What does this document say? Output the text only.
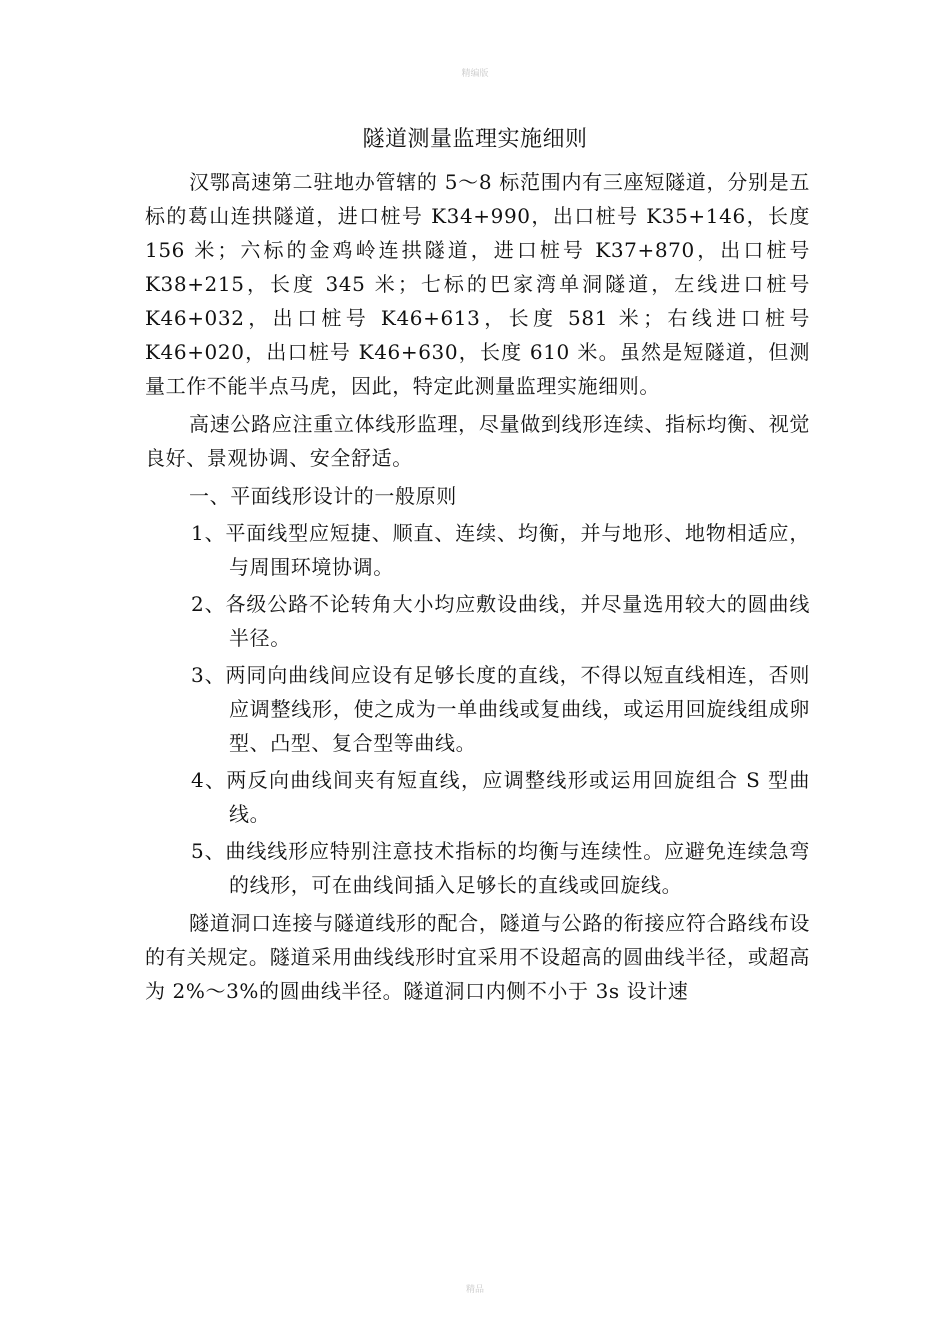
精编版
隧道测量监理实施细则

汉鄂高速第二驻地办管辖的 5～8 标范围内有三座短隧道，分别是五标的葛山连拱隧道，进口桩号 K34+990，出口桩号 K35+146，长度 156 米；六标的金鸡岭连拱隧道，进口桩号 K37+870，出口桩号 K38+215，长度 345 米；七标的巴家湾单洞隧道，左线进口桩号 K46+032，出口桩号 K46+613，长度 581 米；右线进口桩号 K46+020，出口桩号 K46+630，长度 610 米。虽然是短隧道，但测量工作不能半点马虎，因此，特定此测量监理实施细则。

高速公路应注重立体线形监理，尽量做到线形连续、指标均衡、视觉良好、景观协调、安全舒适。

一、平面线形设计的一般原则

1、平面线型应短捷、顺直、连续、均衡，并与地形、地物相适应，与周围环境协调。

2、各级公路不论转角大小均应敷设曲线，并尽量选用较大的圆曲线半径。

3、两同向曲线间应设有足够长度的直线，不得以短直线相连，否则应调整线形，使之成为一单曲线或复曲线，或运用回旋线组成卵型、凸型、复合型等曲线。

4、两反向曲线间夹有短直线，应调整线形或运用回旋组合 S 型曲线。

5、曲线线形应特别注意技术指标的均衡与连续性。应避免连续急弯的线形，可在曲线间插入足够长的直线或回旋线。

隧道洞口连接与隧道线形的配合，隧道与公路的衔接应符合路线布设的有关规定。隧道采用曲线线形时宜采用不设超高的圆曲线半径，或超高为 2%～3%的圆曲线半径。隧道洞口内侧不小于 3s 设计速

精品
